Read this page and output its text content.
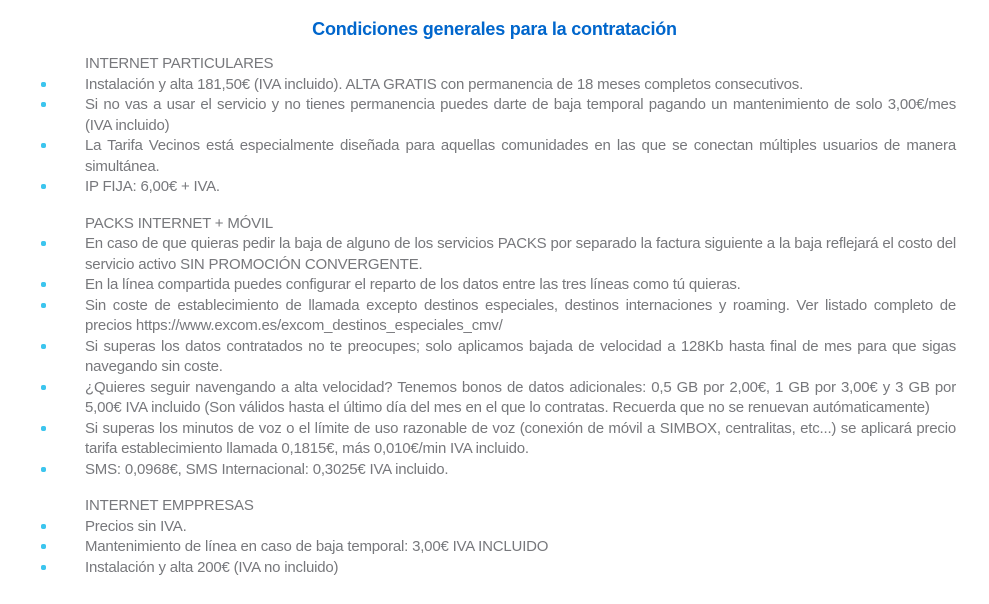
Condiciones generales para la contratación
INTERNET PARTICULARES
Instalación y alta 181,50€ (IVA incluido). ALTA GRATIS con permanencia de 18 meses completos consecutivos.
Si no vas a usar el servicio y no tienes permanencia puedes darte de baja temporal pagando un mantenimiento de solo 3,00€/mes (IVA incluido)
La Tarifa Vecinos está especialmente diseñada para aquellas comunidades en las que se conectan múltiples usuarios de manera simultánea.
IP FIJA: 6,00€ + IVA.
PACKS INTERNET + MÓVIL
En caso de que quieras pedir la baja de alguno de los servicios PACKS por separado la factura siguiente a la baja reflejará el costo del servicio activo SIN PROMOCIÓN CONVERGENTE.
En la línea compartida puedes configurar el reparto de los datos entre las tres líneas como tú quieras.
Sin coste de establecimiento de llamada excepto destinos especiales, destinos internaciones y roaming. Ver listado completo de precios https://www.excom.es/excom_destinos_especiales_cmv/
Si superas los datos contratados no te preocupes; solo aplicamos bajada de velocidad a 128Kb hasta final de mes para que sigas navegando sin coste.
¿Quieres seguir navengando a alta velocidad? Tenemos bonos de datos adicionales: 0,5 GB por 2,00€, 1 GB por 3,00€ y 3 GB por 5,00€ IVA incluido (Son válidos hasta el último día del mes en el que lo contratas. Recuerda que no se renuevan autómaticamente)
Si superas los minutos de voz o el límite de uso razonable de voz (conexión de móvil a SIMBOX, centralitas, etc...) se aplicará precio tarifa establecimiento llamada 0,1815€, más 0,010€/min IVA incluido.
SMS: 0,0968€, SMS Internacional: 0,3025€ IVA incluido.
INTERNET EMPPRESAS
Precios sin IVA.
Mantenimiento de línea en caso de baja temporal: 3,00€ IVA INCLUIDO
Instalación y alta 200€ (IVA no incluido)
